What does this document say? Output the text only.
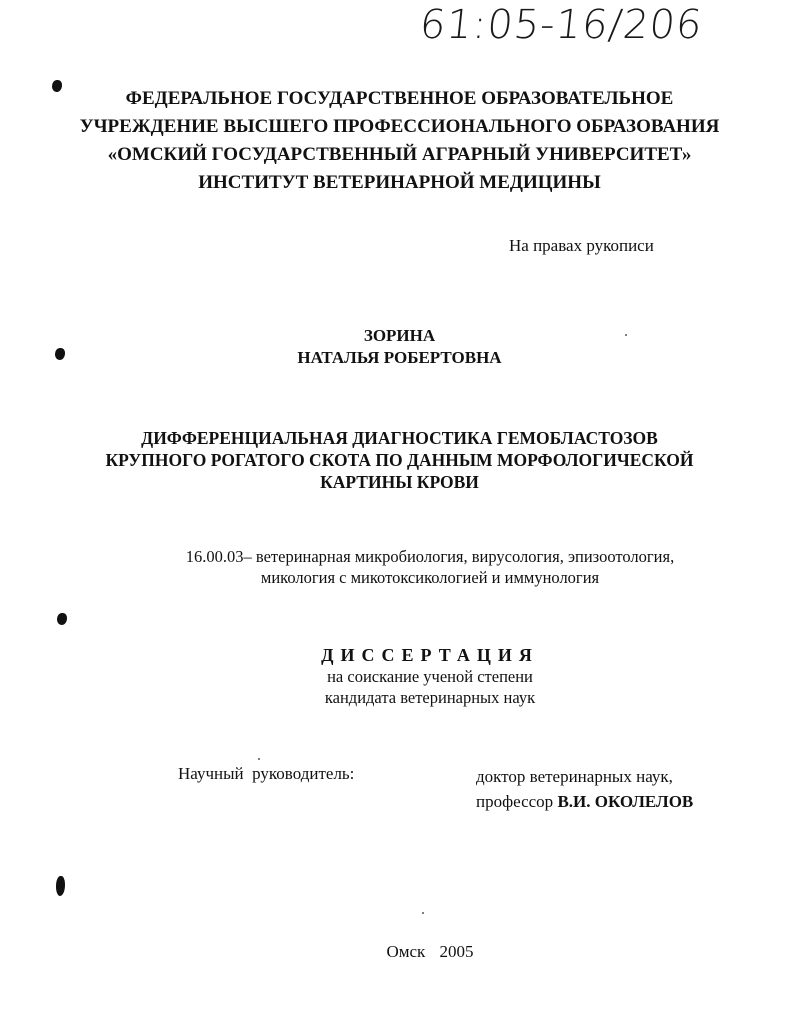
61:05-16/206
ФЕДЕРАЛЬНОЕ ГОСУДАРСТВЕННОЕ ОБРАЗОВАТЕЛЬНОЕ
УЧРЕЖДЕНИЕ ВЫСШЕГО ПРОФЕССИОНАЛЬНОГО ОБРАЗОВАНИЯ
«ОМСКИЙ ГОСУДАРСТВЕННЫЙ АГРАРНЫЙ УНИВЕРСИТЕТ»
ИНСТИТУТ ВЕТЕРИНАРНОЙ МЕДИЦИНЫ
На правах рукописи
ЗОРИНА
НАТАЛЬЯ РОБЕРТОВНА
ДИФФЕРЕНЦИАЛЬНАЯ ДИАГНОСТИКА ГЕМОБЛАСТОЗОВ
КРУПНОГО РОГАТОГО СКОТА ПО ДАННЫМ МОРФОЛОГИЧЕСКОЙ
КАРТИНЫ КРОВИ
16.00.03– ветеринарная микробиология, вирусология, эпизоотология,
микология с микотоксикологией и иммунология
ДИССЕРТАЦИЯ
на соискание ученой степени
кандидата ветеринарных наук
Научный  руководитель:	доктор ветеринарных наук,
профессор В.И. ОКОЛЕЛОВ
Омск 2005
